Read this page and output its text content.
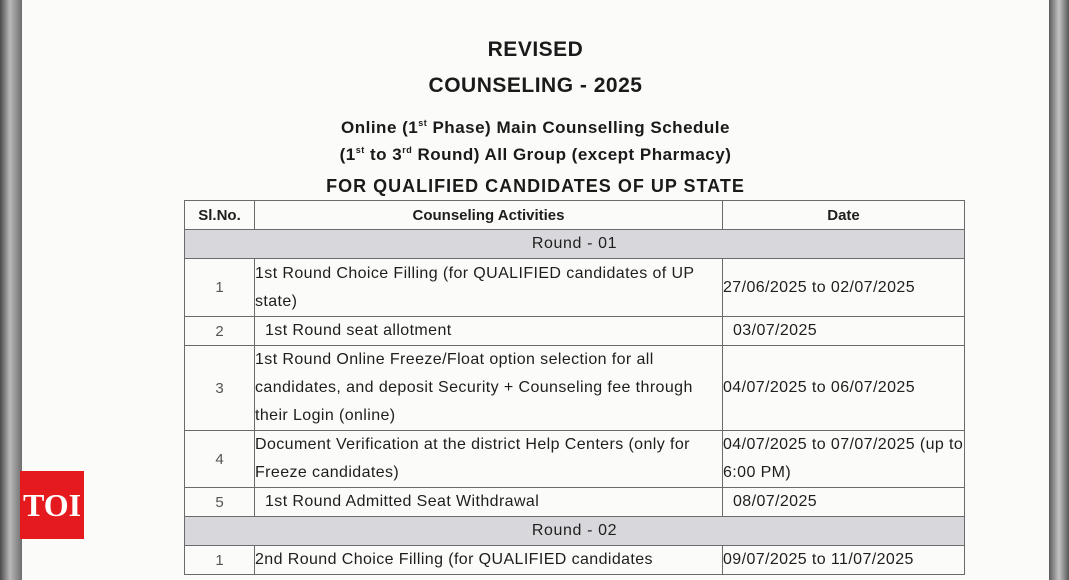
REVISED
COUNSELING - 2025
Online (1st Phase) Main Counselling Schedule
(1st to 3rd Round) All Group (except Pharmacy)
FOR QUALIFIED CANDIDATES OF UP STATE
Sl.No.	Counseling Activities	Date
Round - 01		
1	1st Round Choice Filling (for QUALIFIED candidates of UP state)	27/06/2025 to 02/07/2025
2	1st Round seat allotment	03/07/2025
3	1st Round Online Freeze/Float option selection for all candidates, and deposit Security + Counseling fee through their Login (online)	04/07/2025 to 06/07/2025
4	Document Verification at the district Help Centers (only for Freeze candidates)	04/07/2025 to 07/07/2025 (up to 6:00 PM)
5	1st Round Admitted Seat Withdrawal	08/07/2025
Round - 02		
1	2nd Round Choice Filling (for QUALIFIED candidates	09/07/2025 to 11/07/2025
TOI
